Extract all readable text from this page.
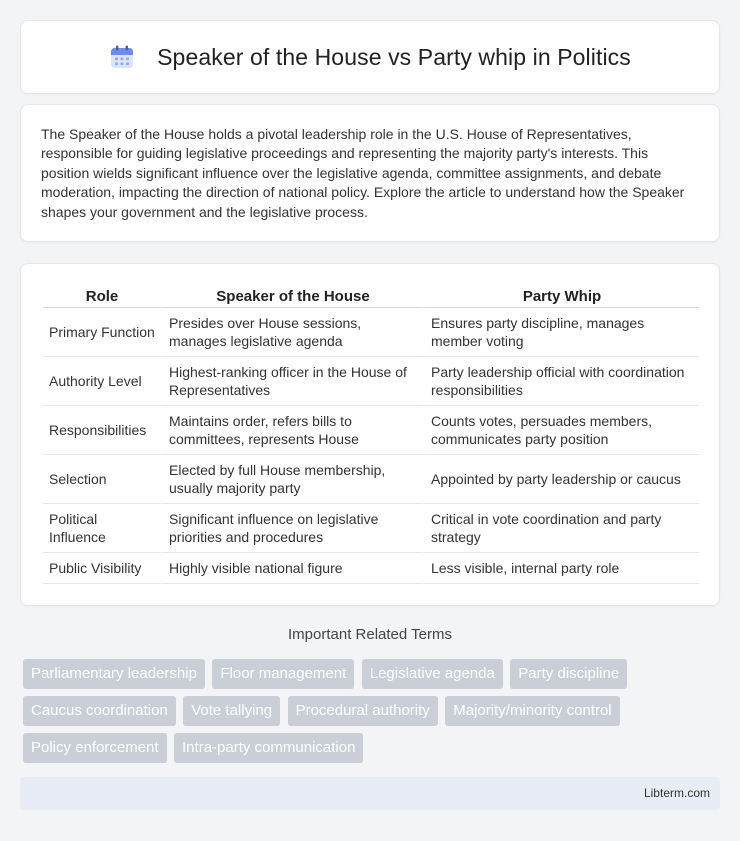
Speaker of the House vs Party whip in Politics

The Speaker of the House holds a pivotal leadership role in the U.S. House of Representatives, responsible for guiding legislative proceedings and representing the majority party's interests. This position wields significant influence over the legislative agenda, committee assignments, and debate moderation, impacting the direction of national policy. Explore the article to understand how the Speaker shapes your government and the legislative process.

Role	Speaker of the House	Party Whip
Primary Function	Presides over House sessions, manages legislative agenda	Ensures party discipline, manages member voting
Authority Level	Highest-ranking officer in the House of Representatives	Party leadership official with coordination responsibilities
Responsibilities	Maintains order, refers bills to committees, represents House	Counts votes, persuades members, communicates party position
Selection	Elected by full House membership, usually majority party	Appointed by party leadership or caucus
Political Influence	Significant influence on legislative priorities and procedures	Critical in vote coordination and party strategy
Public Visibility	Highly visible national figure	Less visible, internal party role
Important Related Terms
Parliamentary leadership Floor management Legislative agenda Party discipline Caucus coordination Vote tallying Procedural authority Majority/minority control Policy enforcement Intra-party communication
Libterm.com
